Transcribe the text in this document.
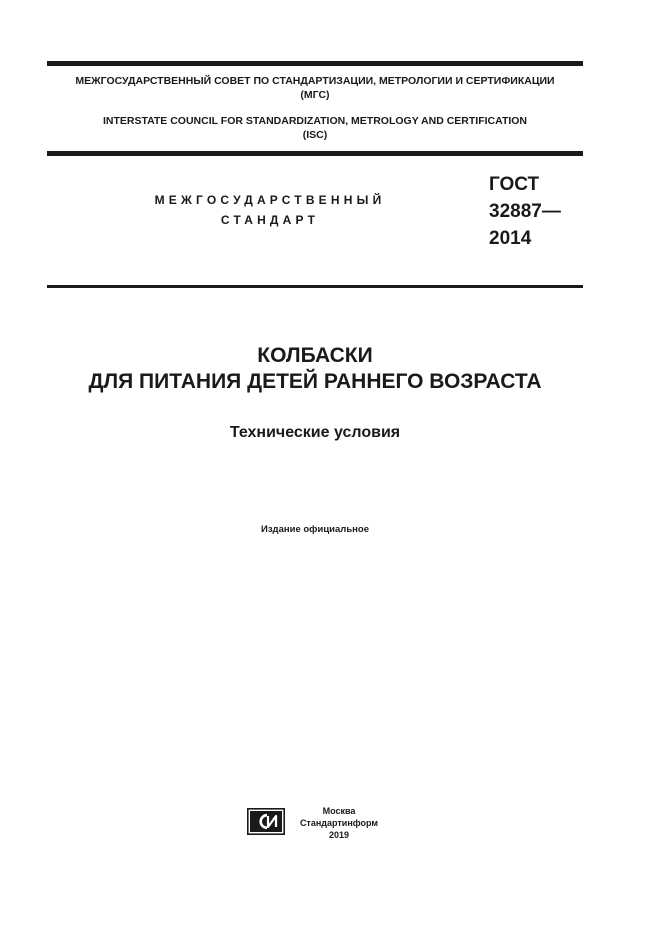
МЕЖГОСУДАРСТВЕННЫЙ СОВЕТ ПО СТАНДАРТИЗАЦИИ, МЕТРОЛОГИИ И СЕРТИФИКАЦИИ
(МГС)
INTERSTATE COUNCIL FOR STANDARDIZATION, METROLOGY AND CERTIFICATION
(ISC)
МЕЖГОСУДАРСТВЕННЫЙ
СТАНДАРТ
ГОСТ
32887—
2014
КОЛБАСКИ
ДЛЯ ПИТАНИЯ ДЕТЕЙ РАННЕГО ВОЗРАСТА
Технические условия
Издание официальное
Москва
Стандартинформ
2019
